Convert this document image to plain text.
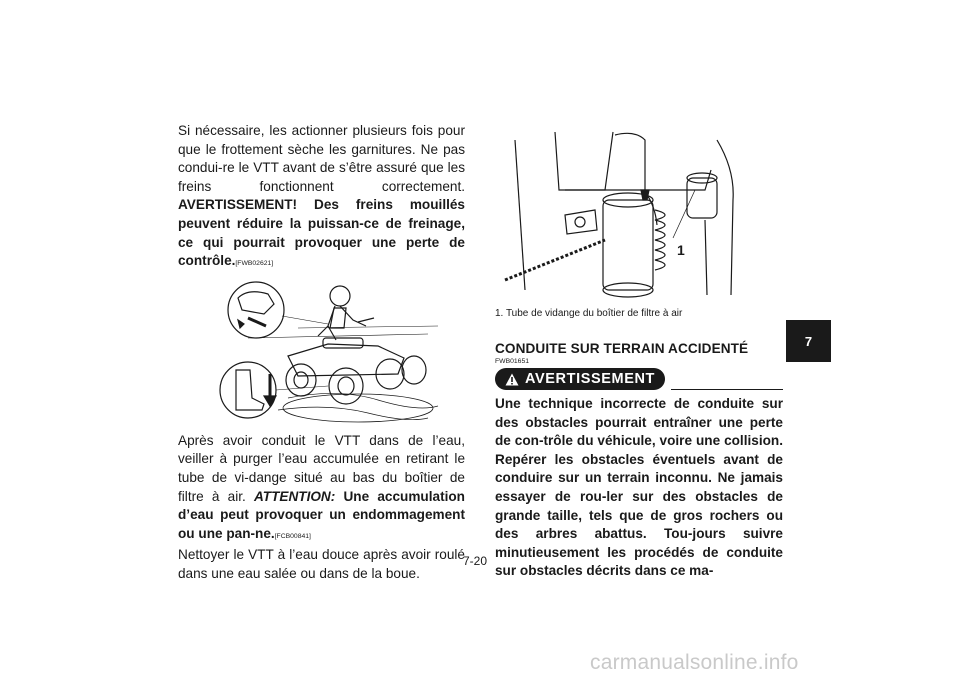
Si nécessaire, les actionner plusieurs fois pour que le frottement sèche les garnitures. Ne pas condui-re le VTT avant de s’être assuré que les freins fonctionnent correctement. AVERTISSEMENT! Des freins mouillés peuvent réduire la puissan-ce de freinage, ce qui pourrait provoquer une perte de contrôle.[FWB02621]

Après avoir conduit le VTT dans de l’eau, veiller à purger l’eau accumulée en retirant le tube de vi-dange situé au bas du boîtier de filtre à air. ATTENTION: Une accumulation d’eau peut provoquer un endommagement ou une pan-ne.[FCB00841]

Nettoyer le VTT à l’eau douce après avoir roulé dans une eau salée ou dans de la boue.

1

1. Tube de vidange du boîtier de filtre à air

CONDUITE SUR TERRAIN ACCIDENTÉ

FWB01651
AVERTISSEMENT

Une technique incorrecte de conduite sur des obstacles pourrait entraîner une perte de con-trôle du véhicule, voire une collision. Repérer les obstacles éventuels avant de conduire sur un terrain inconnu. Ne jamais essayer de rou-ler sur des obstacles de grande taille, tels que de gros rochers ou des arbres abattus. Tou-jours suivre minutieusement les procédés de conduite sur obstacles décrits dans ce ma-

7-20
7
carmanualsonline.info
